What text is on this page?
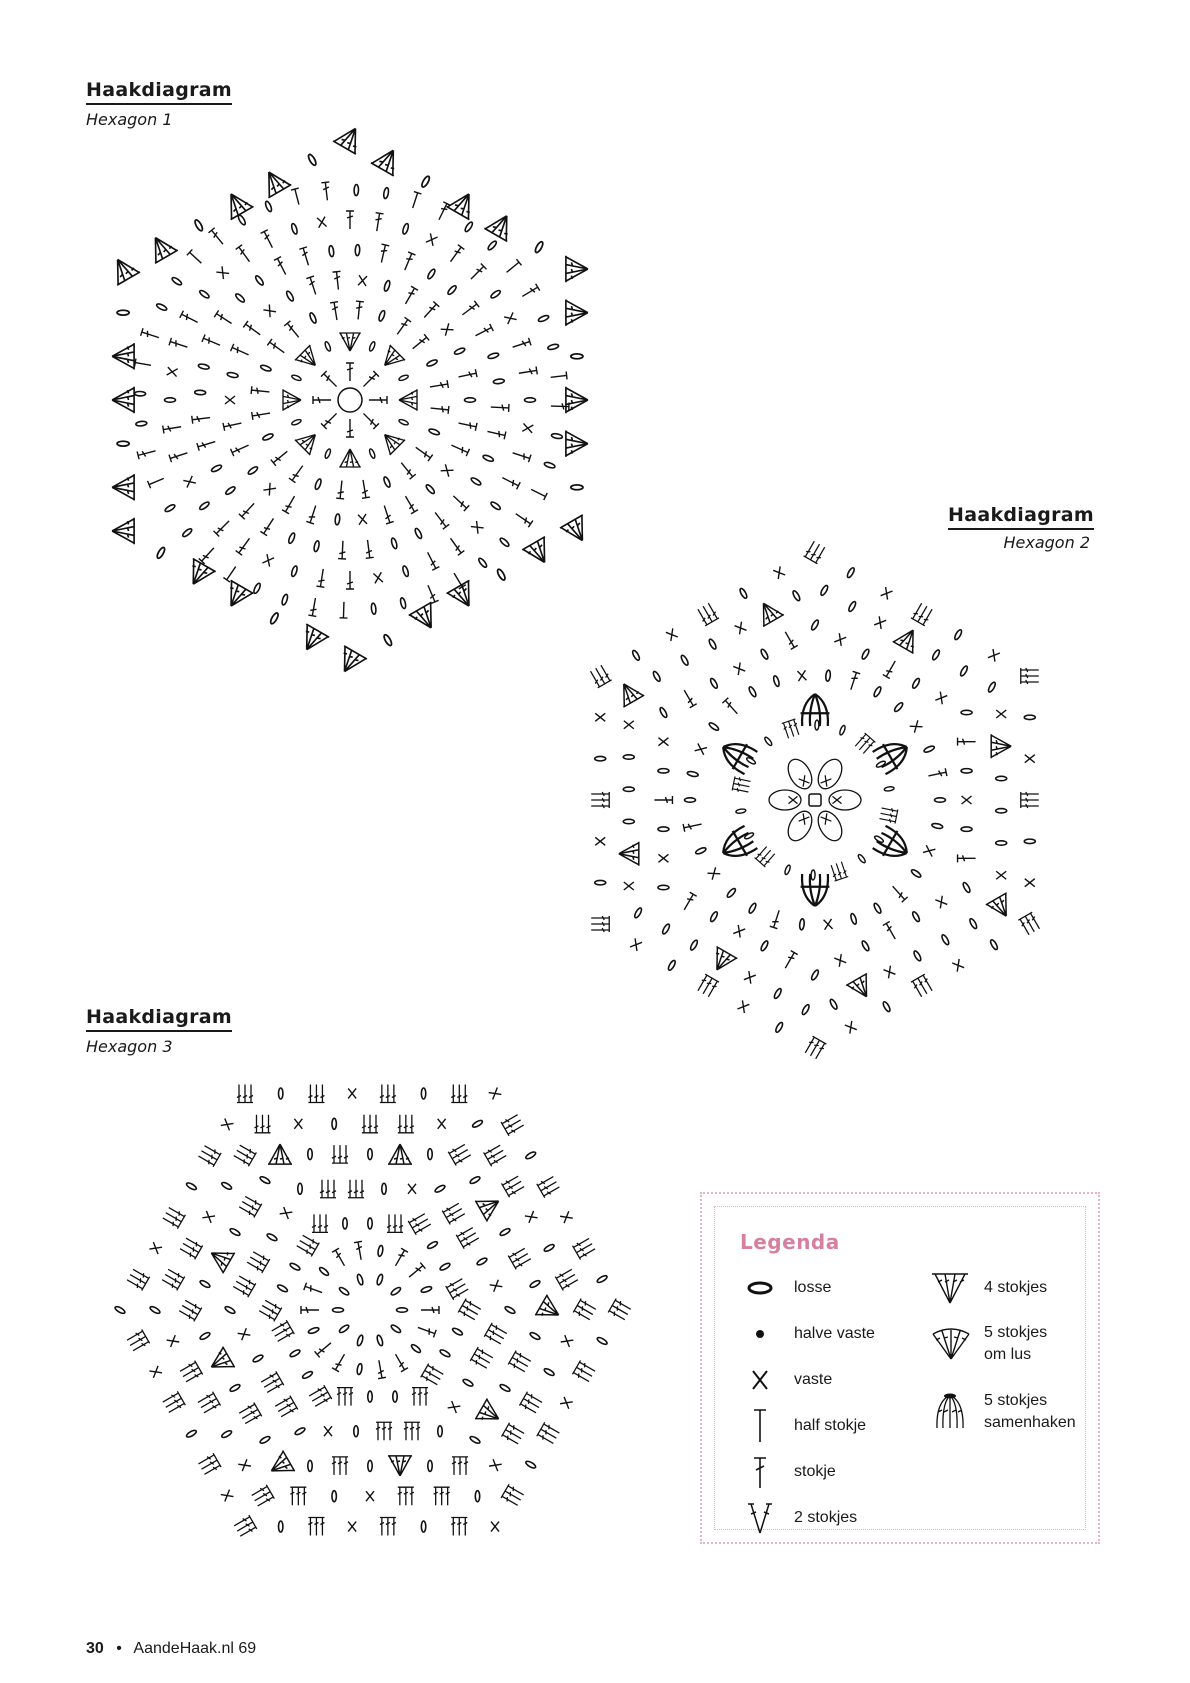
Haakdiagram
Hexagon 1
Haakdiagram
Hexagon 2
Haakdiagram
Hexagon 3
Legenda
losse
halve vaste
vaste
half stokje
stokje
2 stokjes
4 stokjes
5 stokjes
om lus
5 stokjes
samenhaken
30 • AandeHaak.nl 69
